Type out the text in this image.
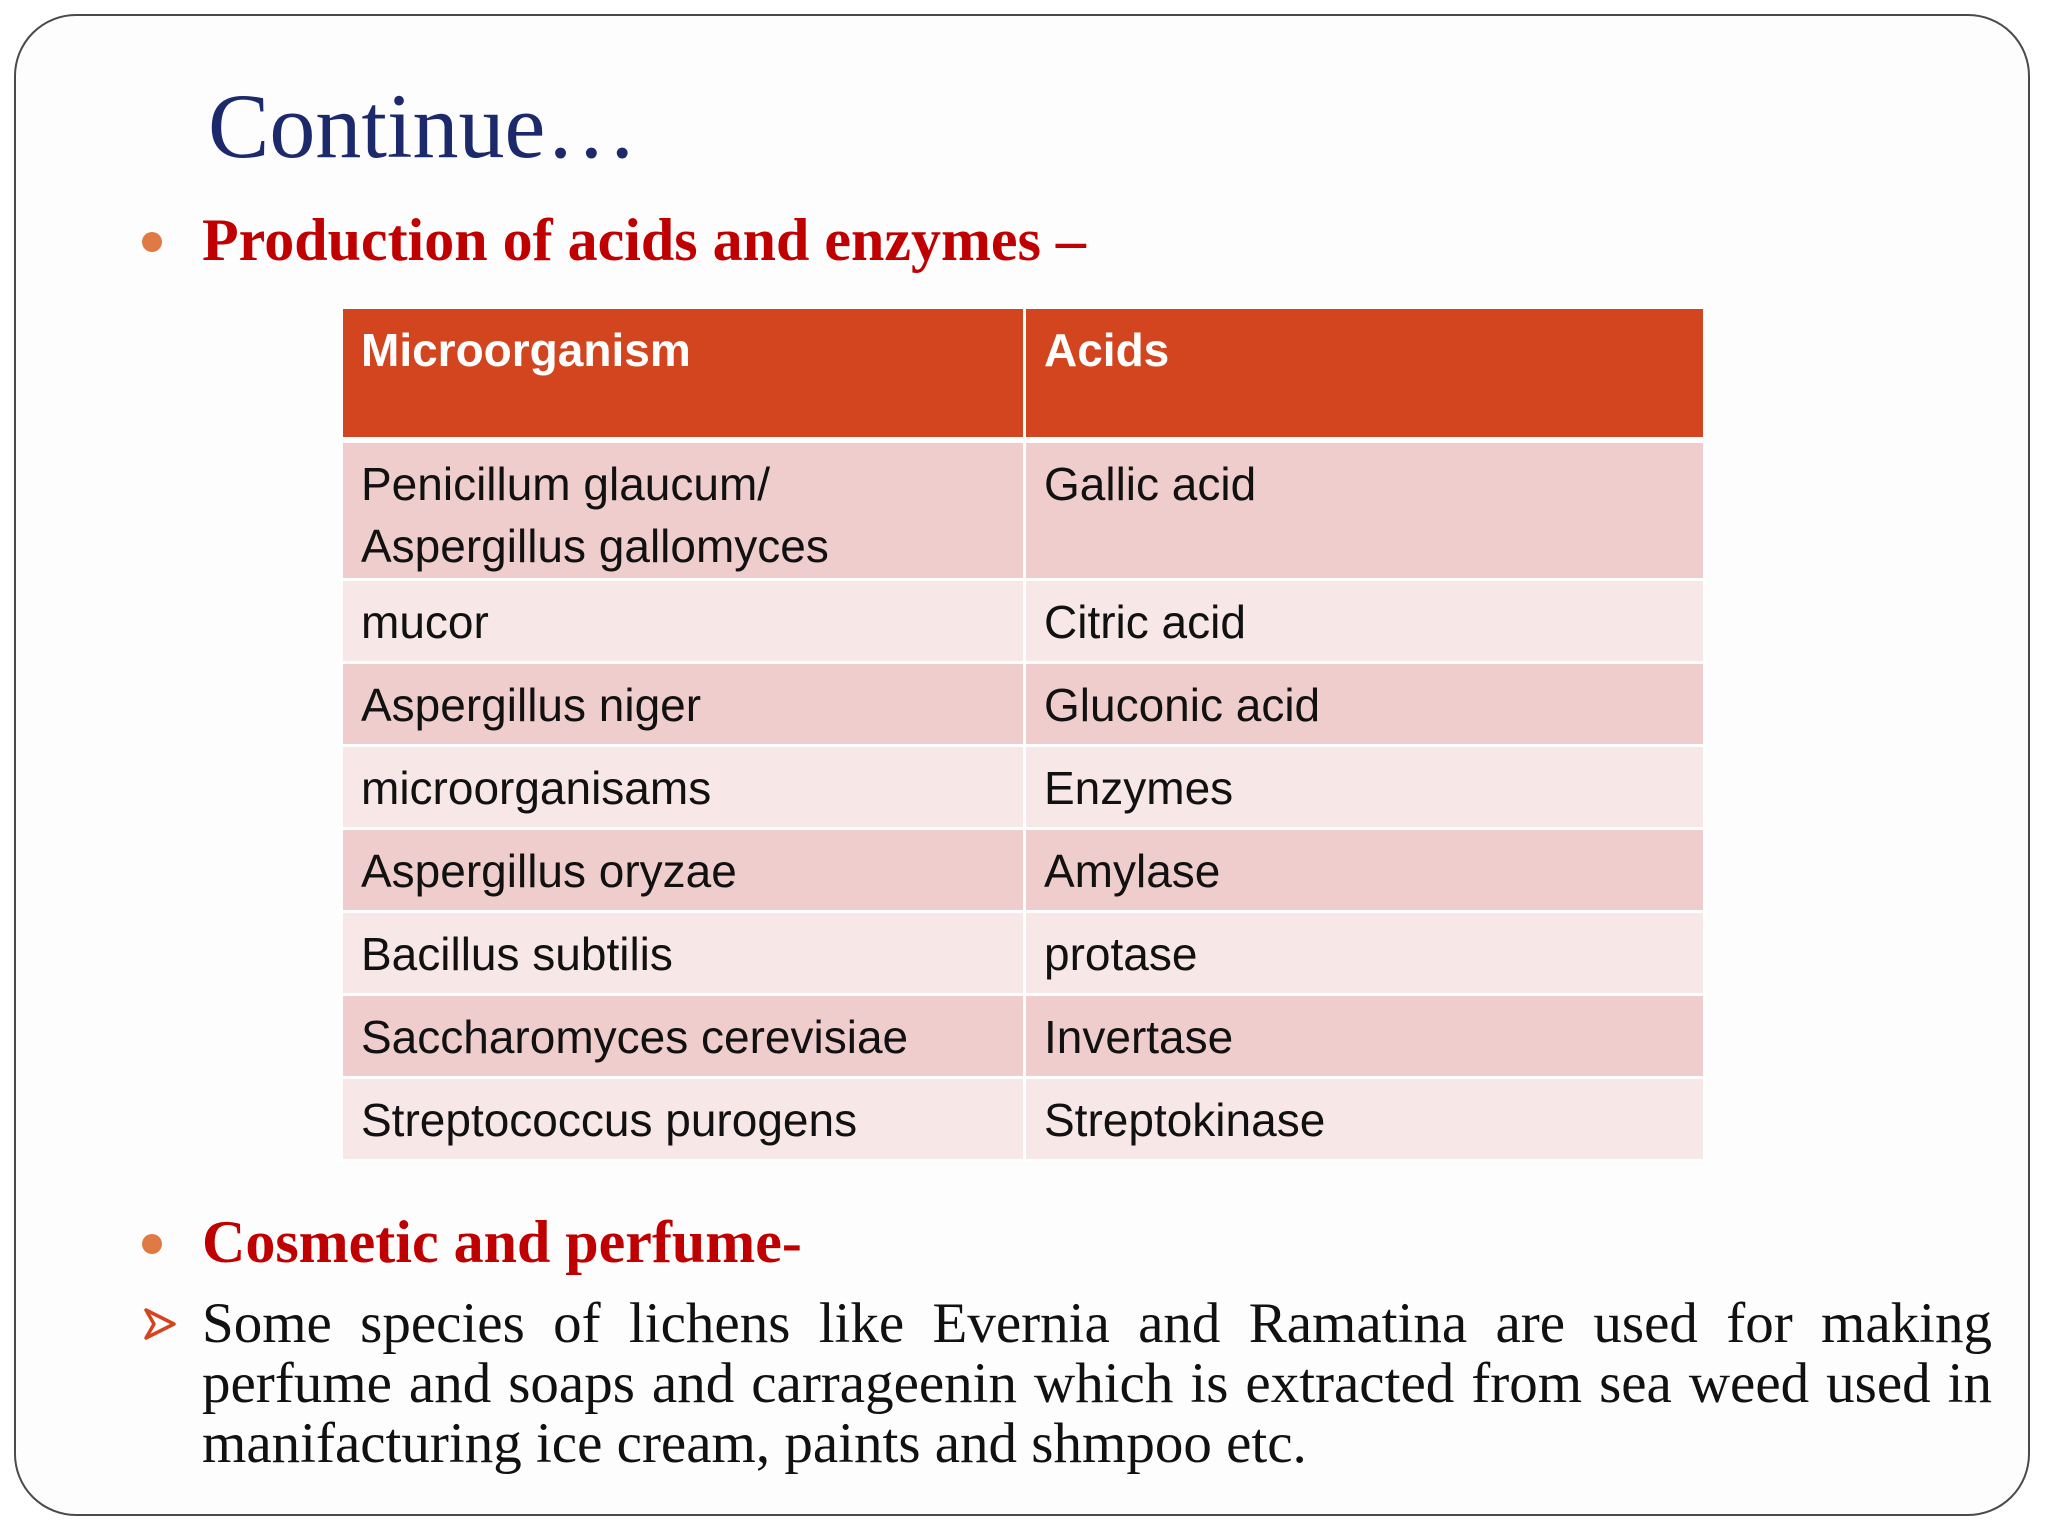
Continue…
Production of acids and enzymes –
Microorganism	Acids
Penicillum glaucum/
Aspergillus gallomyces	Gallic acid
mucor	Citric acid
Aspergillus niger	Gluconic acid
microorganisams	Enzymes
Aspergillus oryzae	Amylase
Bacillus subtilis	protase
Saccharomyces cerevisiae	Invertase
Streptococcus purogens	Streptokinase
Cosmetic and perfume-
Some species of lichens like Evernia and Ramatina are used for making perfume and soaps and carrageenin which is extracted from sea weed used in manifacturing ice cream, paints and shmpoo etc.
